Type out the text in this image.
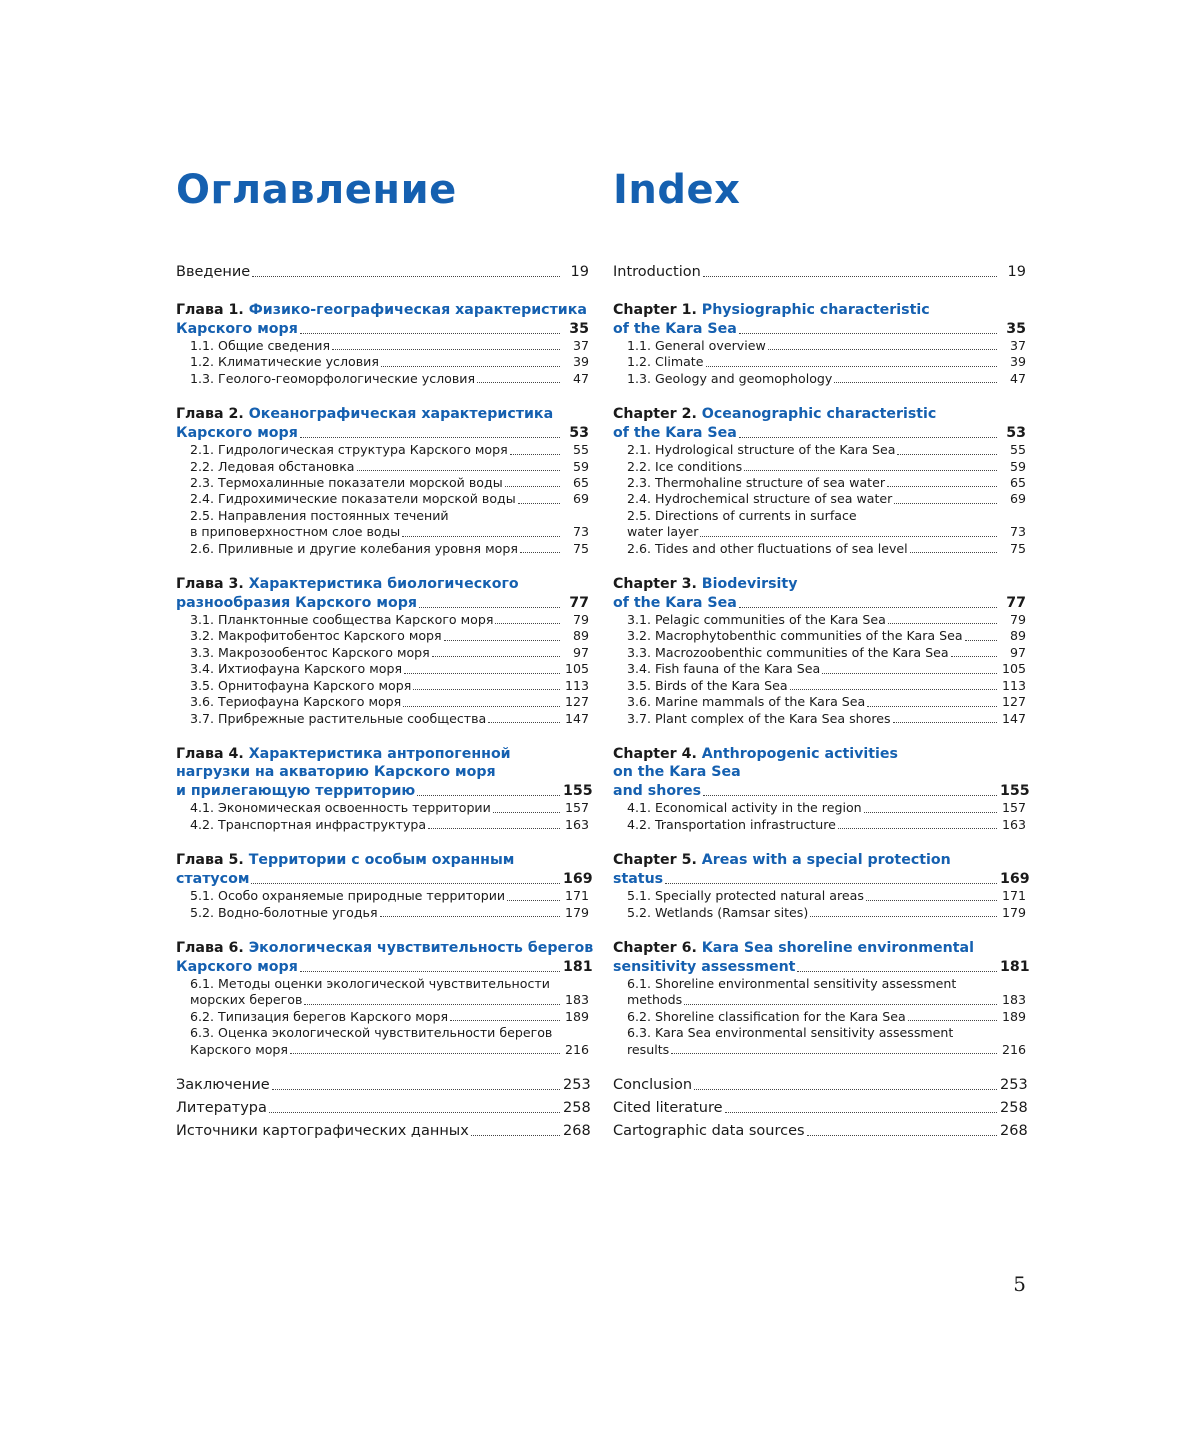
Оглавление
Введение	19
Глава 1. Физико-географическая характеристика
Карского моря	35
1.1. Общие сведения	37
1.2. Климатические условия	39
1.3. Геолого-геоморфологические условия	47
Глава 2. Океанографическая характеристика
Карского моря	53
2.1. Гидрологическая структура Карского моря	55
2.2. Ледовая обстановка	59
2.3. Термохалинные показатели морской воды	65
2.4. Гидрохимические показатели морской воды	69
2.5. Направления постоянных течений
в приповерхностном слое воды	73
2.6. Приливные и другие колебания уровня моря	75
Глава 3. Характеристика биологического
разнообразия Карского моря	77
3.1. Планктонные сообщества Карского моря	79
3.2. Макрофитобентос Карского моря	89
3.3. Макрозообентос Карского моря	97
3.4. Ихтиофауна Карского моря	105
3.5. Орнитофауна Карского моря	113
3.6. Териофауна Карского моря	127
3.7. Прибрежные растительные сообщества	147
Глава 4. Характеристика антропогенной
нагрузки на акваторию Карского моря
и прилегающую территорию	155
4.1. Экономическая освоенность территории	157
4.2. Транспортная инфраструктура	163
Глава 5. Территории с особым охранным
статусом	169
5.1. Особо охраняемые природные территории	171
5.2. Водно-болотные угодья	179
Глава 6. Экологическая чувствительность берегов
Карского моря	181
6.1. Методы оценки экологической чувствительности
морских берегов	183
6.2. Типизация берегов Карского моря	189
6.3. Оценка экологической чувствительности берегов
Карского моря	216
Заключение	253
Литература	258
Источники картографических данных	268
Index
Introduction	19
Chapter 1. Physiographic characteristic
of the Kara Sea	35
1.1. General overview	37
1.2. Climate	39
1.3. Geology and geomophology	47
Chapter 2. Oceanographic characteristic
of the Kara Sea	53
2.1. Hydrological structure of the Kara Sea	55
2.2. Ice conditions	59
2.3. Thermohaline structure of sea water	65
2.4. Hydrochemical structure of sea water	69
2.5. Directions of currents in surface
water layer	73
2.6. Tides and other fluctuations of sea level	75
Chapter 3. Biodevirsity
of the Kara Sea	77
3.1. Pelagic communities of the Kara Sea	79
3.2. Macrophytobenthic communities of the Kara Sea	89
3.3. Macrozoobenthic communities of the Kara Sea	97
3.4. Fish fauna of the Kara Sea	105
3.5. Birds of the Kara Sea	113
3.6. Marine mammals of the Kara Sea	127
3.7. Plant complex of the Kara Sea shores	147
Chapter 4. Anthropogenic activities
on the Kara Sea
and shores	155
4.1. Economical activity in the region	157
4.2. Transportation infrastructure	163
Chapter 5. Areas with a special protection
status	169
5.1. Specially protected natural areas	171
5.2. Wetlands (Ramsar sites)	179
Chapter 6. Kara Sea shoreline environmental
sensitivity assessment	181
6.1. Shoreline environmental sensitivity assessment
methods	183
6.2. Shoreline classification for the Kara Sea	189
6.3. Kara Sea environmental sensitivity assessment
results	216
Conclusion	253
Cited literature	258
Cartographic data sources	268
5
